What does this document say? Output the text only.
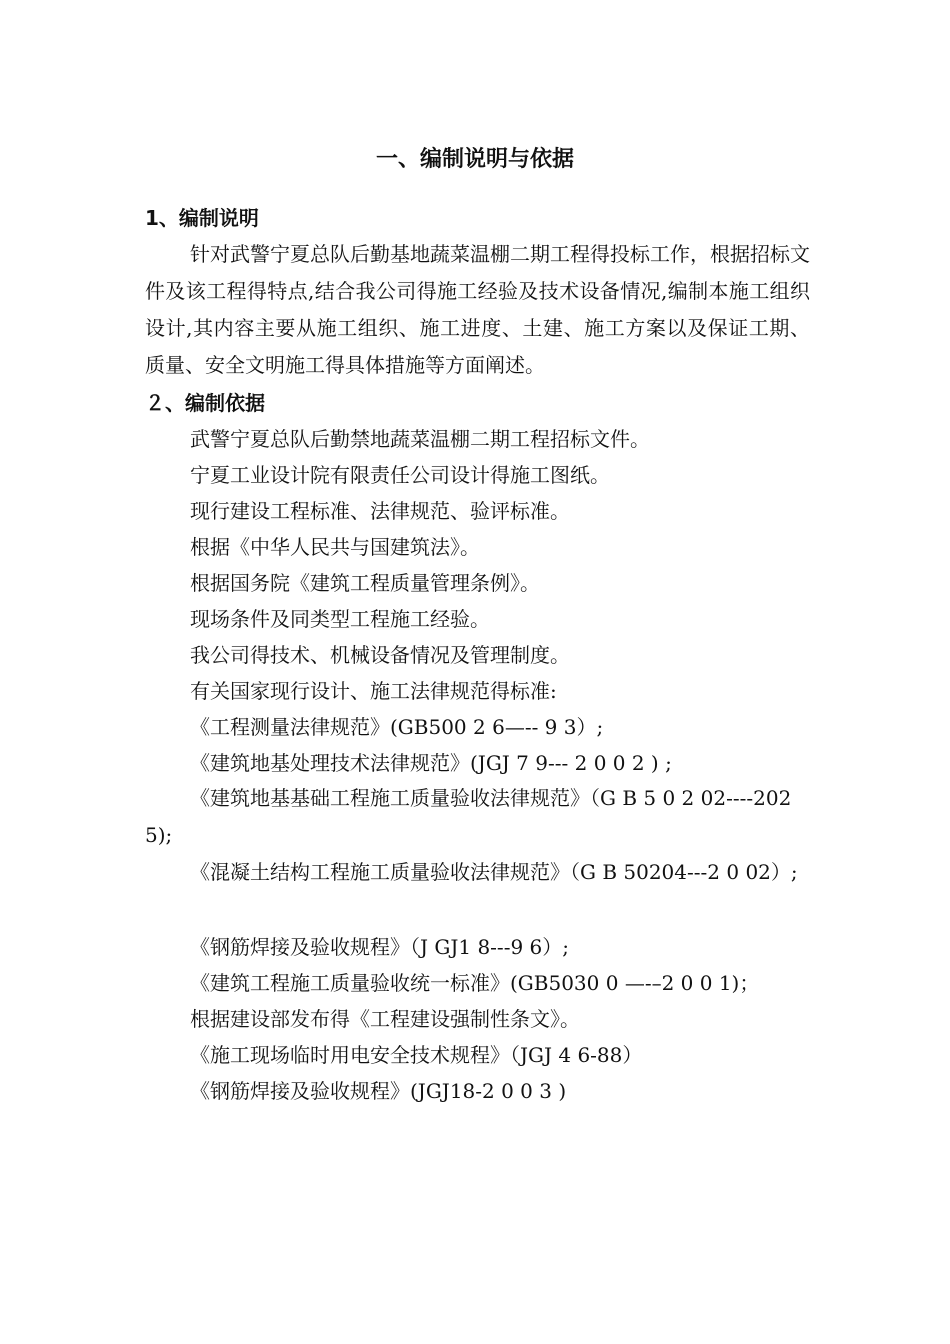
一、编制说明与依据
1、编制说明

针对武警宁夏总队后勤基地蔬菜温棚二期工程得投标工作，根据招标文件及该工程得特点,结合我公司得施工经验及技术设备情况,编制本施工组织设计,其内容主要从施工组织、施工进度、土建、施工方案以及保证工期、质量、安全文明施工得具体措施等方面阐述。

２、编制依据

武警宁夏总队后勤禁地蔬菜温棚二期工程招标文件。

宁夏工业设计院有限责任公司设计得施工图纸。

现行建设工程标准、法律规范、验评标准。

根据《中华人民共与国建筑法》。

根据国务院《建筑工程质量管理条例》。

现场条件及同类型工程施工经验。

我公司得技术、机械设备情况及管理制度。

有关国家现行设计、施工法律规范得标准:

《工程测量法律规范》(GB500 2 6—-- 9 3）;

《建筑地基处理技术法律规范》(JGJ 7 9--- 2 0 0 2 ) ;

《建筑地基基础工程施工质量验收法律规范》（G B 5 0 2 02----2025);

《混凝土结构工程施工质量验收法律规范》（G B 50204---2 0 02）;

《钢筋焊接及验收规程》（J GJ1 8---9 6）;

《建筑工程施工质量验收统一标准》(GB5030 0 —-–2 0 0 1)；

根据建设部发布得《工程建设强制性条文》。

《施工现场临时用电安全技术规程》（JGJ 4 6-88）

《钢筋焊接及验收规程》(JGJ18-2 0 0 3 )
